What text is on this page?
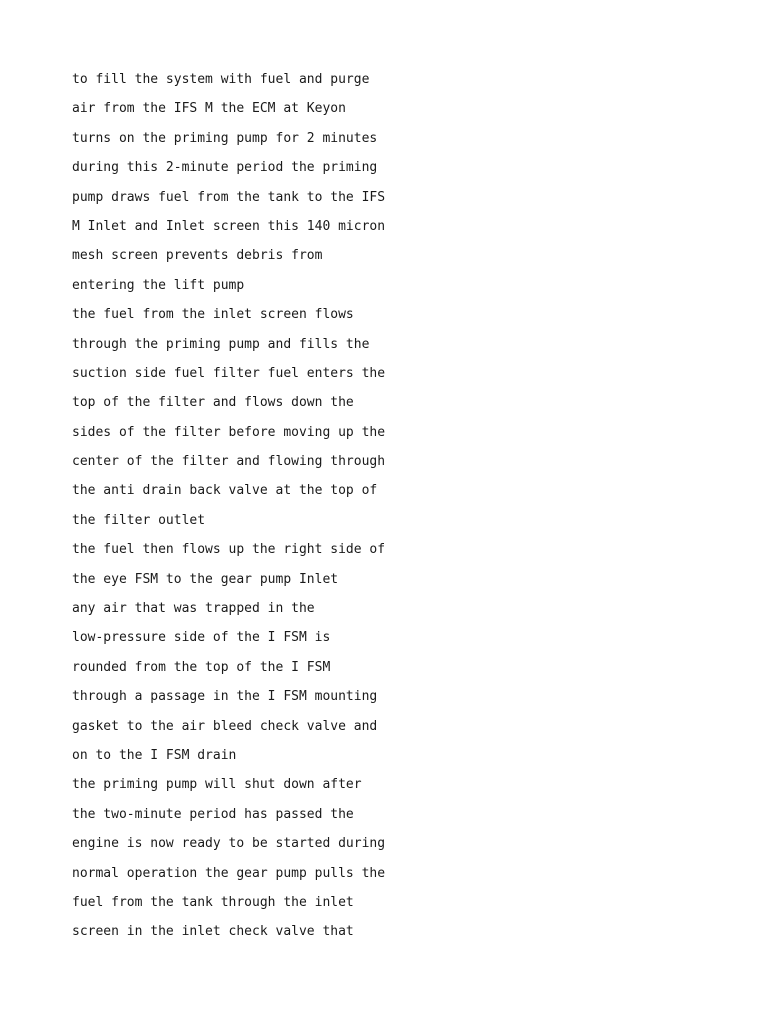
to fill the system with fuel and purge
air from the IFS M the ECM at Keyon
turns on the priming pump for 2 minutes
during this 2-minute period the priming
pump draws fuel from the tank to the IFS
M Inlet and Inlet screen this 140 micron
mesh screen prevents debris from
entering the lift pump
the fuel from the inlet screen flows
through the priming pump and fills the
suction side fuel filter fuel enters the
top of the filter and flows down the
sides of the filter before moving up the
center of the filter and flowing through
the anti drain back valve at the top of
the filter outlet
the fuel then flows up the right side of
the eye FSM to the gear pump Inlet
any air that was trapped in the
low-pressure side of the I FSM is
rounded from the top of the I FSM
through a passage in the I FSM mounting
gasket to the air bleed check valve and
on to the I FSM drain
the priming pump will shut down after
the two-minute period has passed the
engine is now ready to be started during
normal operation the gear pump pulls the
fuel from the tank through the inlet
screen in the inlet check valve that
